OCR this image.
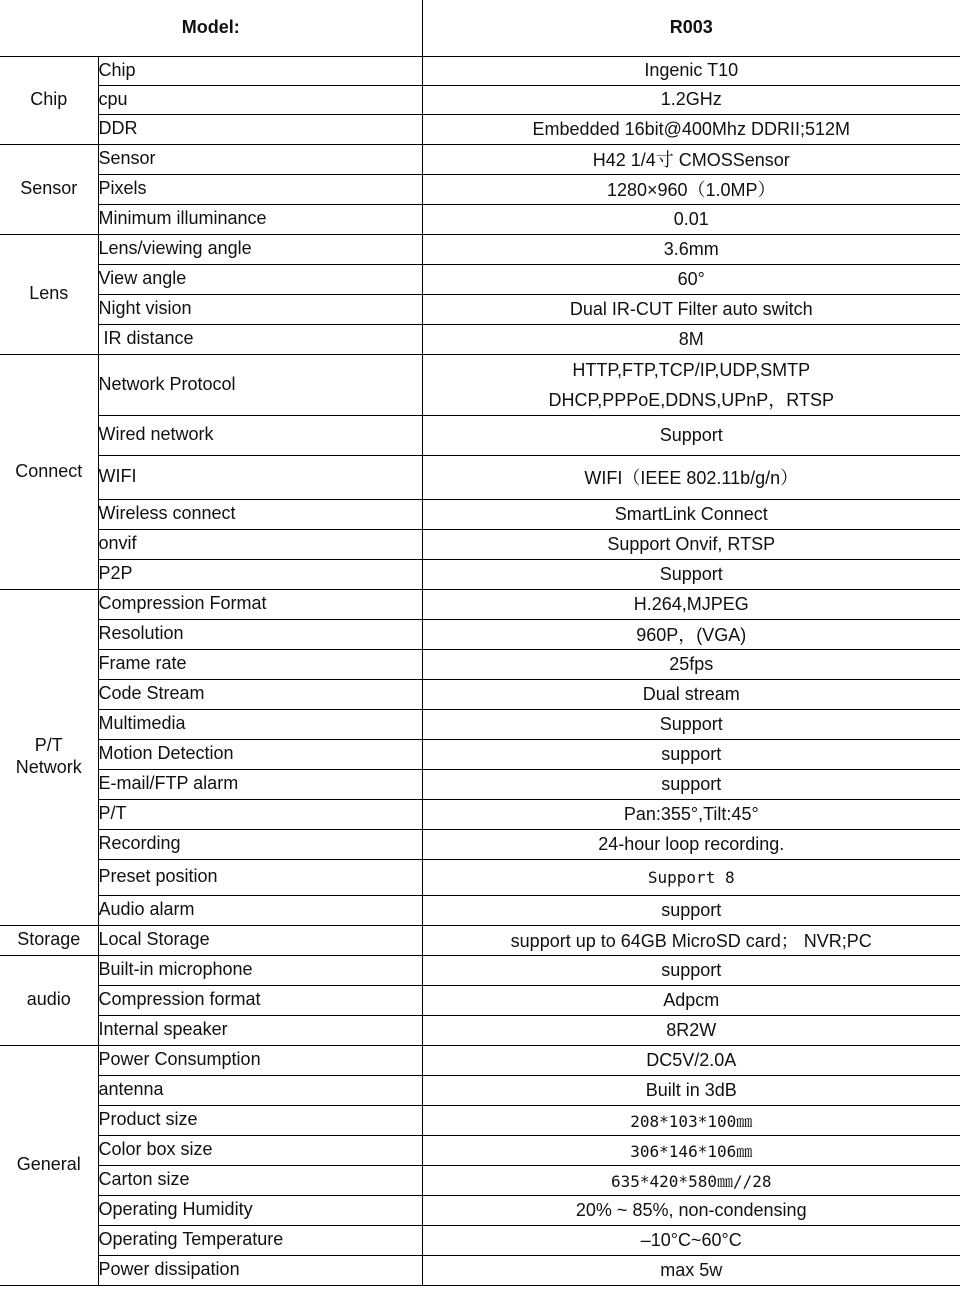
Model:		R003
Chip	Chip	Ingenic T10

	cpu	1.2GHz

	DDR	Embedded 16bit@400Mhz DDRII;512M

Sensor	Sensor	H42 1/4寸 CMOSSensor

	Pixels	1280×960（1.0MP）

	Minimum illuminance	0.01

Lens	Lens/viewing angle	3.6mm

	View angle	60°

	Night vision	Dual IR-CUT Filter auto switch

	IR distance	8M

Connect	Network Protocol	HTTP,FTP,TCP/IP,UDP,SMTP
DHCP,PPPoE,DDNS,UPnP，RTSP

	Wired network	Support

	WIFI	WIFI（IEEE 802.11b/g/n）

	Wireless connect	SmartLink Connect

	onvif	Support Onvif, RTSP

	P2P	Support

P/T
Network	Compression Format	H.264,MJPEG

	Resolution	960P，(VGA)

	Frame rate	25fps

	Code Stream	Dual stream

	Multimedia	Support

	Motion Detection	support

	E-mail/FTP alarm	support

	P/T	Pan:355°,Tilt:45°

	Recording	24-hour loop recording.

	Preset position	Support 8

	Audio alarm	support

Storage	Local Storage	support up to 64GB MicroSD card； NVR;PC

audio	Built-in microphone	support

	Compression format	Adpcm

	Internal speaker	8R2W

General	Power Consumption	DC5V/2.0A

	antenna	Built in 3dB

	Product size	208*103*100㎜

	Color box size	306*146*106㎜

	Carton size	635*420*580㎜//28

	Operating Humidity	20% ~ 85%, non-condensing

	Operating Temperature	–10°C~60°C

	Power dissipation	max 5w
